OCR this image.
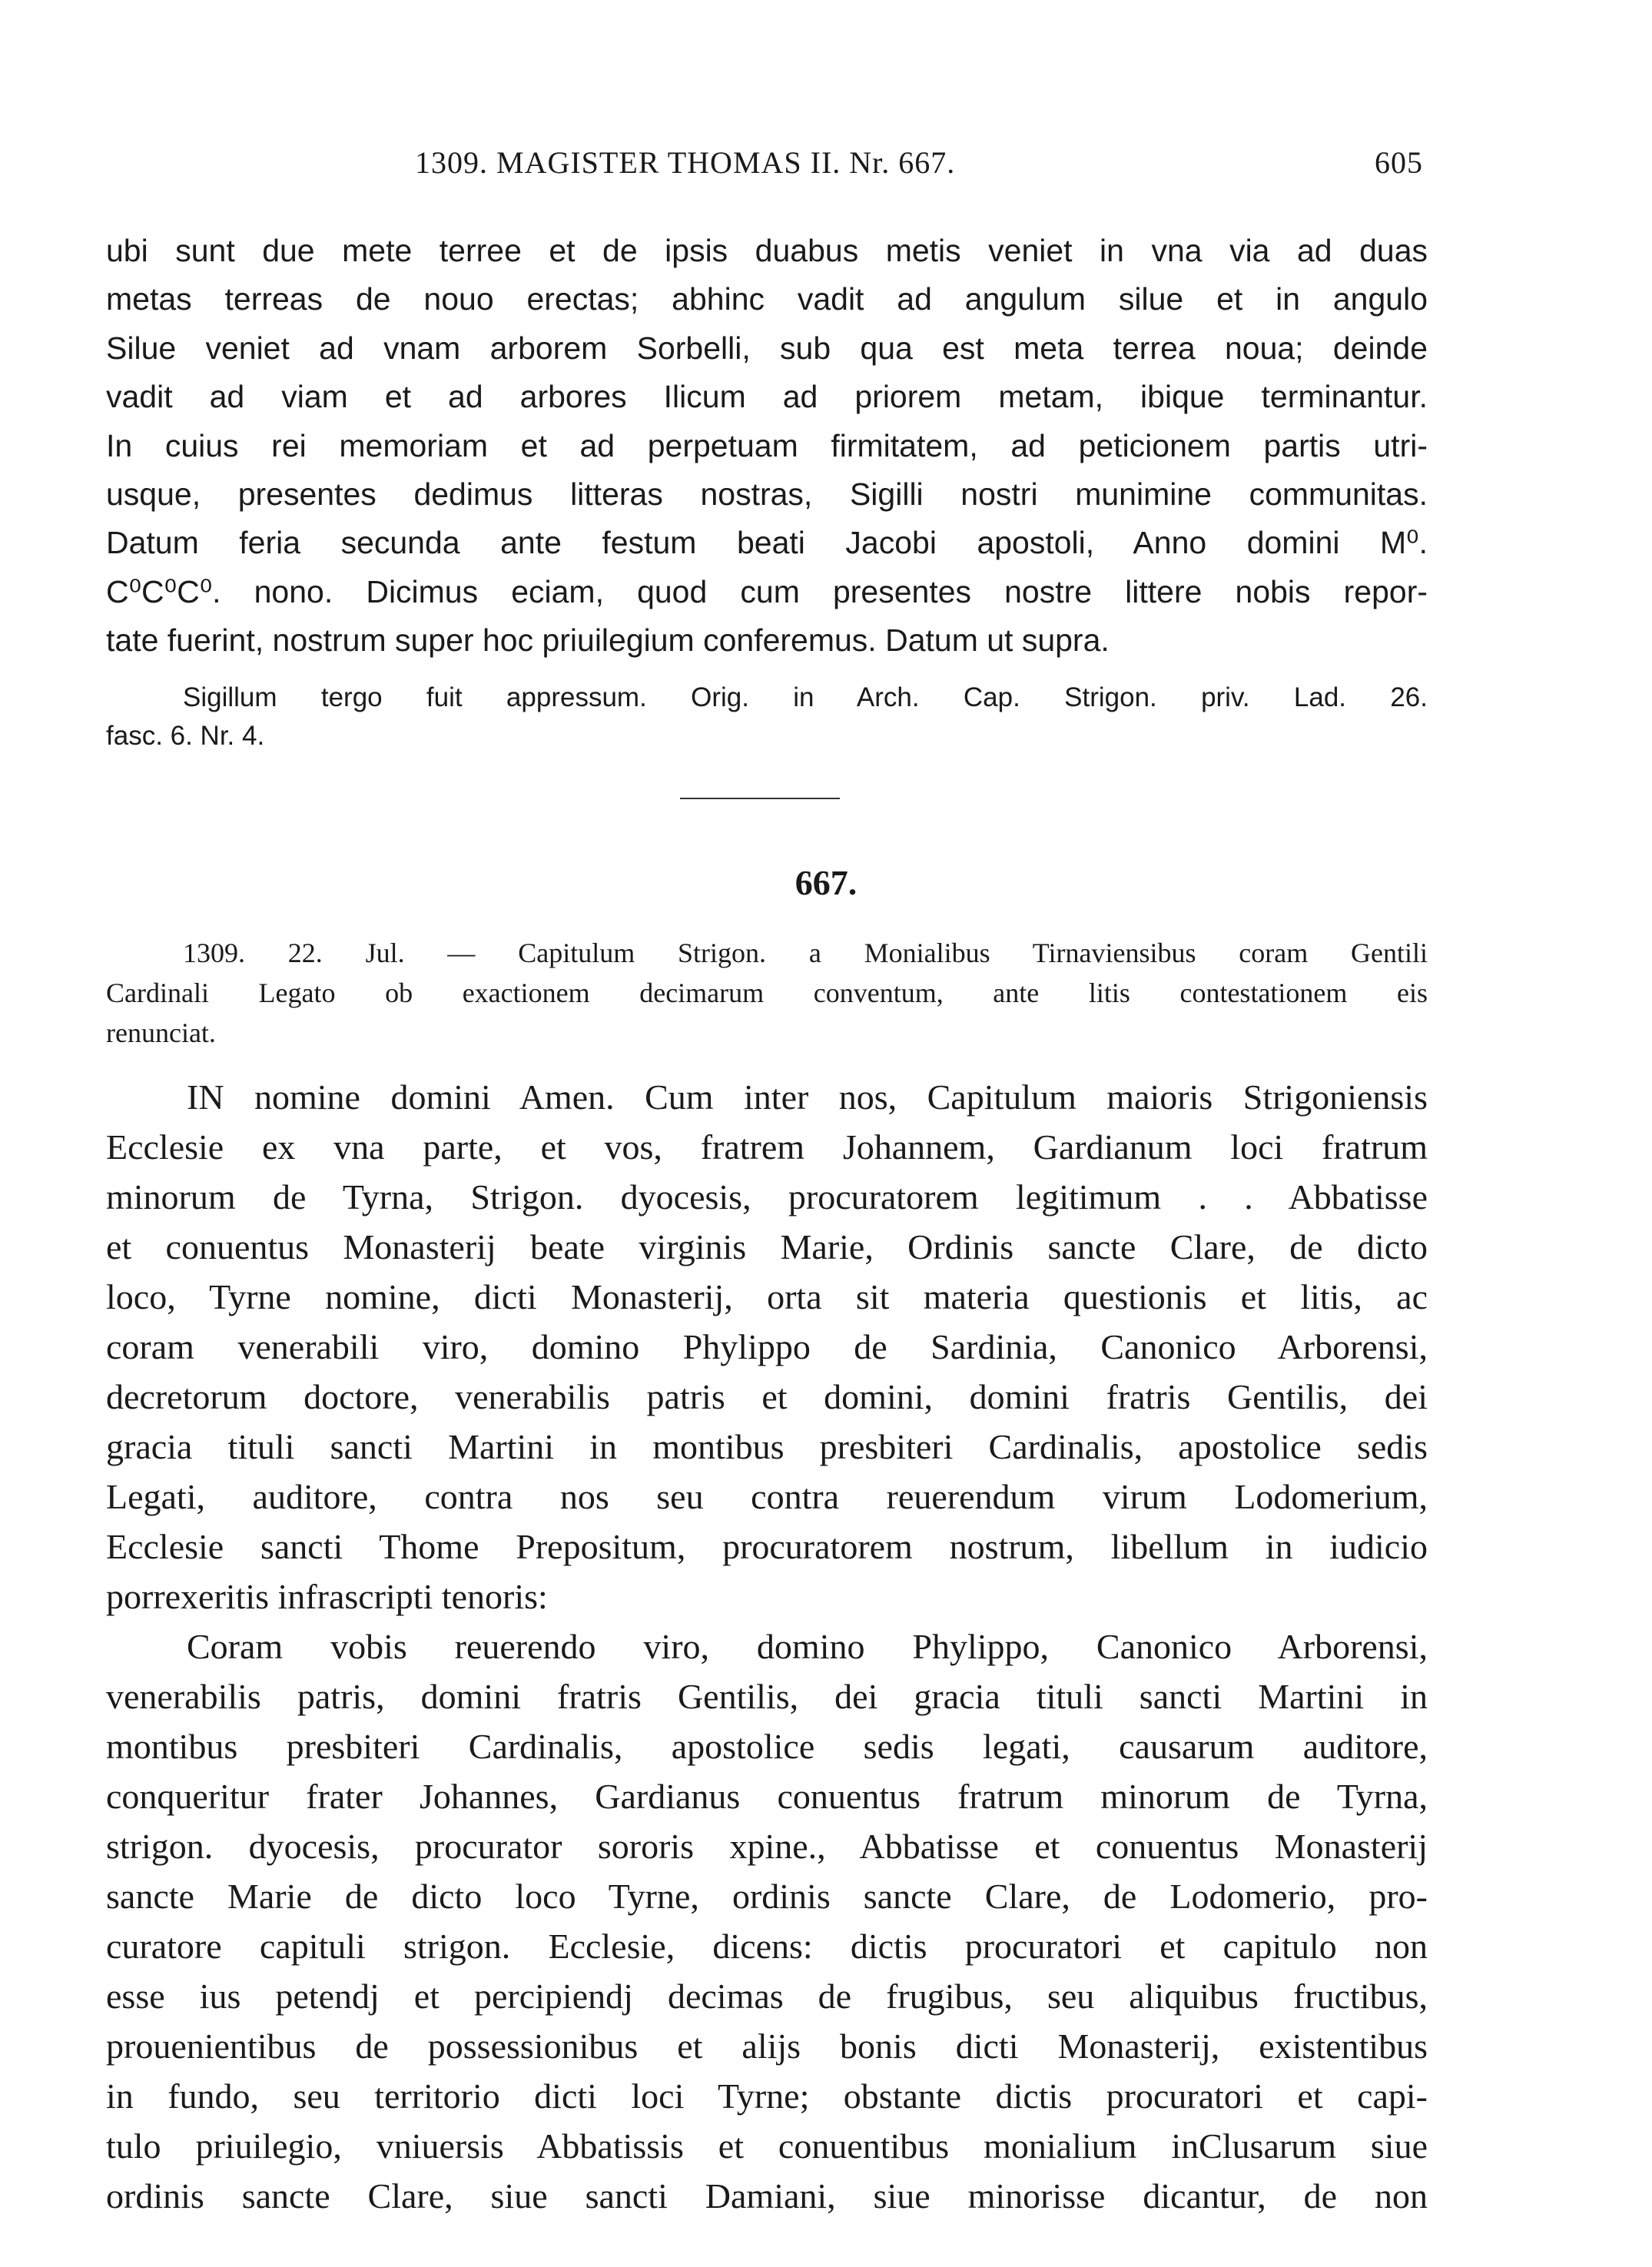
1309. MAGISTER THOMAS II. Nr. 667.	605
ubi sunt due mete terree et de ipsis duabus metis veniet in vna via ad duas
metas terreas de nouo erectas; abhinc vadit ad angulum silue et in angulo
Silue veniet ad vnam arborem Sorbelli, sub qua est meta terrea noua; deinde
vadit ad viam et ad arbores Ilicum ad priorem metam, ibique terminantur.
In cuius rei memoriam et ad perpetuam firmitatem, ad peticionem partis utri-
usque, presentes dedimus litteras nostras, Sigilli nostri munimine communitas.
Datum feria secunda ante festum beati Jacobi apostoli, Anno domini M⁰.
C⁰C⁰C⁰. nono. Dicimus eciam, quod cum presentes nostre littere nobis repor-
tate fuerint, nostrum super hoc priuilegium conferemus. Datum ut supra.
Sigillum tergo fuit appressum. Orig. in Arch. Cap. Strigon. priv. Lad. 26.
fasc. 6. Nr. 4.
667.
1309. 22. Jul. — Capitulum Strigon. a Monialibus Tirnaviensibus coram Gentili
Cardinali Legato ob exactionem decimarum conventum, ante litis contestationem eis
renunciat.
IN nomine domini Amen. Cum inter nos, Capitulum maioris Strigoniensis
Ecclesie ex vna parte, et vos, fratrem Johannem, Gardianum loci fratrum
minorum de Tyrna, Strigon. dyocesis, procuratorem legitimum . . Abbatisse
et conuentus Monasterij beate virginis Marie, Ordinis sancte Clare, de dicto
loco, Tyrne nomine, dicti Monasterij, orta sit materia questionis et litis, ac
coram venerabili viro, domino Phylippo de Sardinia, Canonico Arborensi,
decretorum doctore, venerabilis patris et domini, domini fratris Gentilis, dei
gracia tituli sancti Martini in montibus presbiteri Cardinalis, apostolice sedis
Legati, auditore, contra nos seu contra reuerendum virum Lodomerium,
Ecclesie sancti Thome Prepositum, procuratorem nostrum, libellum in iudicio
porrexeritis infrascripti tenoris:
Coram vobis reuerendo viro, domino Phylippo, Canonico Arborensi,
venerabilis patris, domini fratris Gentilis, dei gracia tituli sancti Martini in
montibus presbiteri Cardinalis, apostolice sedis legati, causarum auditore,
conqueritur frater Johannes, Gardianus conuentus fratrum minorum de Tyrna,
strigon. dyocesis, procurator sororis xpine., Abbatisse et conuentus Monasterij
sancte Marie de dicto loco Tyrne, ordinis sancte Clare, de Lodomerio, pro-
curatore capituli strigon. Ecclesie, dicens: dictis procuratori et capitulo non
esse ius petendj et percipiendj decimas de frugibus, seu aliquibus fructibus,
prouenientibus de possessionibus et alijs bonis dicti Monasterij, existentibus
in fundo, seu territorio dicti loci Tyrne; obstante dictis procuratori et capi-
tulo priuilegio, vniuersis Abbatissis et conuentibus monialium inClusarum siue
ordinis sancte Clare, siue sancti Damiani, siue minorisse dicantur, de non
